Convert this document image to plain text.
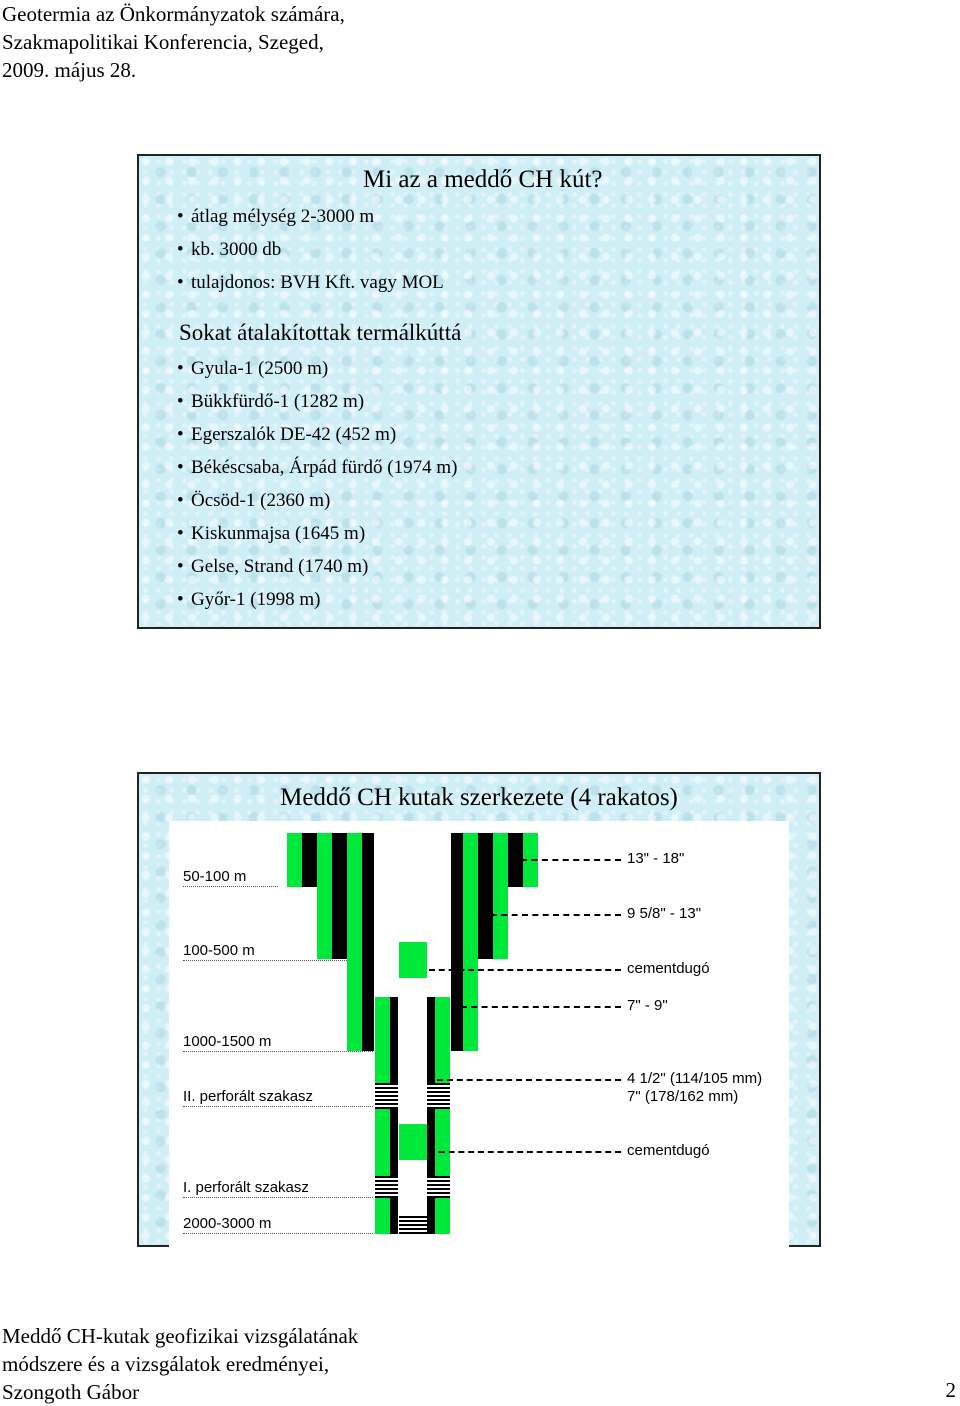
Geotermia az Önkormányzatok számára,
Szakmapolitikai Konferencia, Szeged,
2009. május 28.
Mi az a meddő CH kút?
• átlag mélység 2-3000 m
• kb. 3000 db
• tulajdonos: BVH Kft. vagy MOL
Sokat átalakítottak termálkúttá
• Gyula-1 (2500 m)
• Bükkfürdő-1 (1282 m)
• Egerszalók DE-42 (452 m)
• Békéscsaba, Árpád fürdő (1974 m)
• Öcsöd-1 (2360 m)
• Kiskunmajsa (1645 m)
• Gelse, Strand (1740 m)
• Győr-1 (1998 m)
Meddő CH kutak szerkezete (4 rakatos)
50-100 m
100-500 m
1000-1500 m
II. perforált szakasz
I. perforált szakasz
2000-3000 m
13" - 18"
9 5/8" - 13"
cementdugó
7" - 9"
4 1/2" (114/105 mm)
7" (178/162 mm)
cementdugó
Meddő CH-kutak geofizikai vizsgálatának
módszere és a vizsgálatok eredményei,
Szongoth Gábor	2
